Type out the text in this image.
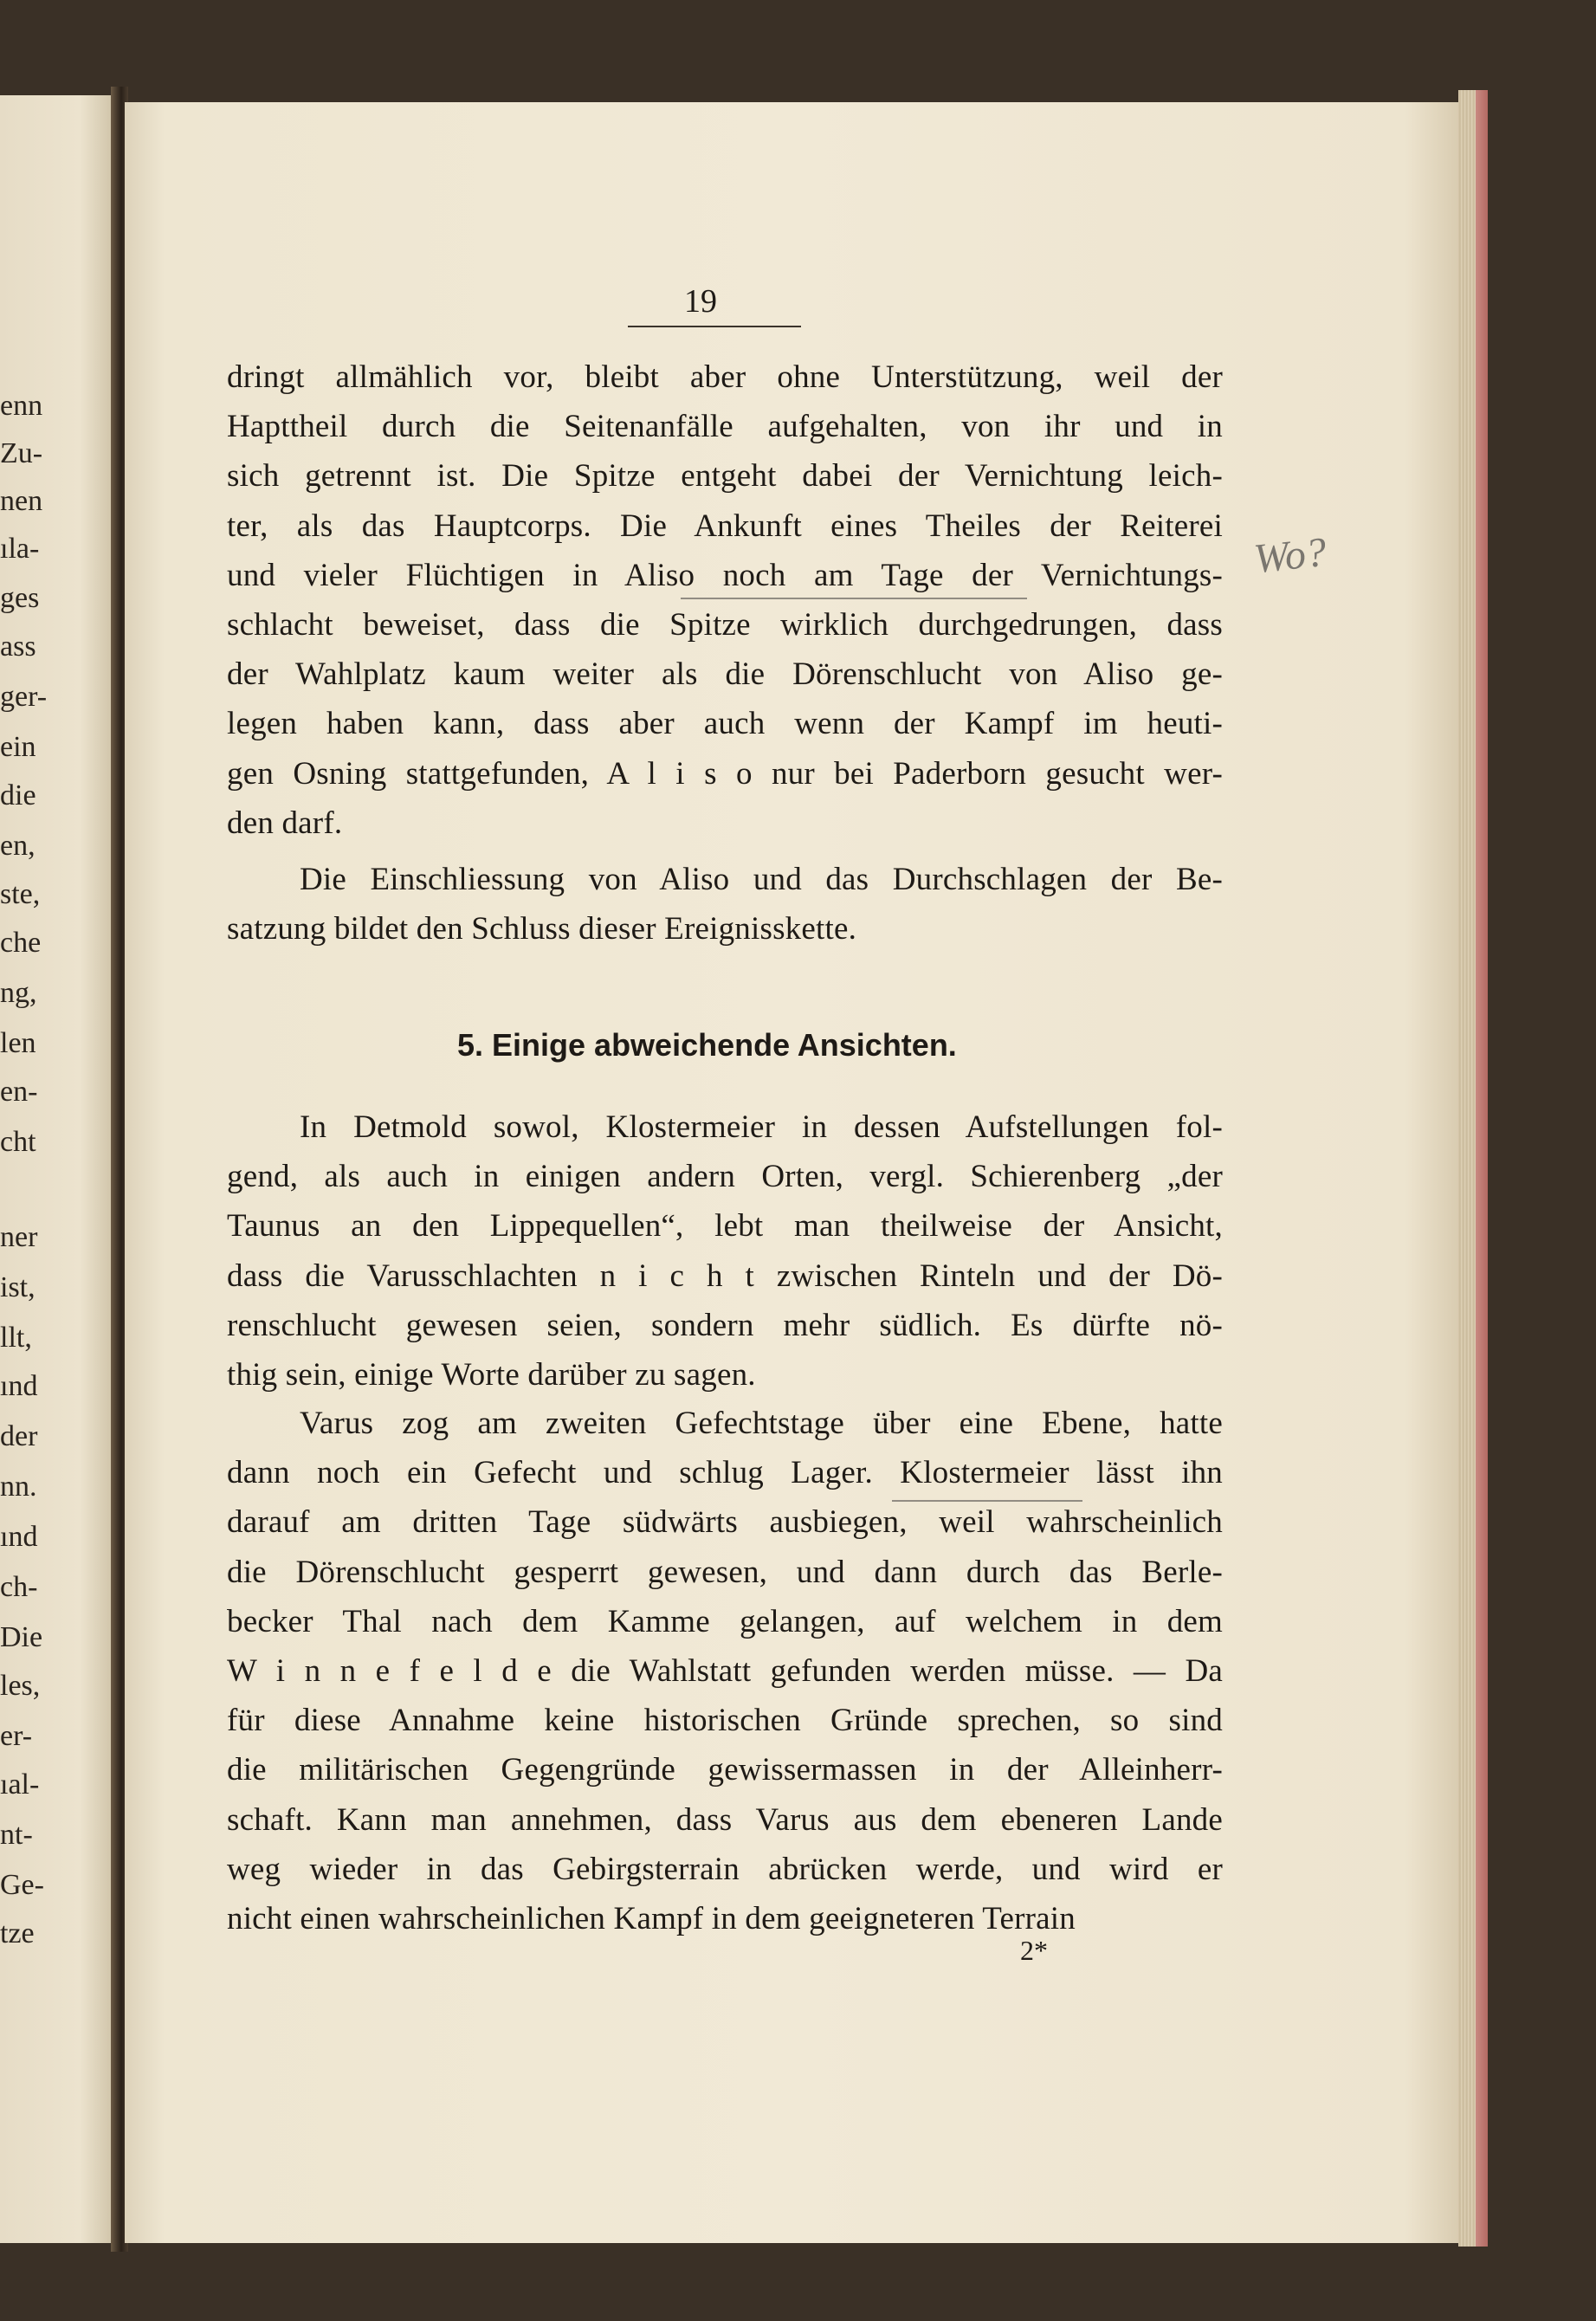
enn
Zu-
nen
ıla-
ges
ass
ger-
ein
die
en,
ste,
che
ng,
len
en-
cht
ner
ist,
llt,
ınd
der
nn.
ınd
ch-
Die
les,
er-
ıal-
nt-
Ge-
tze
19
dringt allmählich vor, bleibt aber ohne Unterstützung, weil der
Hapttheil durch die Seitenanfälle aufgehalten, von ihr und in
sich getrennt ist. Die Spitze entgeht dabei der Vernichtung leich-
ter, als das Hauptcorps. Die Ankunft eines Theiles der Reiterei
und vieler Flüchtigen in Aliso noch am Tage der Vernichtungs-
schlacht beweiset, dass die Spitze wirklich durchgedrungen, dass
der Wahlplatz kaum weiter als die Dörenschlucht von Aliso ge-
legen haben kann, dass aber auch wenn der Kampf im heuti-
gen Osning stattgefunden, A l i s o nur bei Paderborn gesucht wer-
den darf.
Die Einschliessung von Aliso und das Durchschlagen der Be-
satzung bildet den Schluss dieser Ereignisskette.
In Detmold sowol, Klostermeier in dessen Aufstellungen fol-
gend, als auch in einigen andern Orten, vergl. Schierenberg „der
Taunus an den Lippequellen“, lebt man theilweise der Ansicht,
dass die Varusschlachten n i c h t zwischen Rinteln und der Dö-
renschlucht gewesen seien, sondern mehr südlich. Es dürfte nö-
thig sein, einige Worte darüber zu sagen.
Varus zog am zweiten Gefechtstage über eine Ebene, hatte
dann noch ein Gefecht und schlug Lager. Klostermeier lässt ihn
darauf am dritten Tage südwärts ausbiegen, weil wahrscheinlich
die Dörenschlucht gesperrt gewesen, und dann durch das Berle-
becker Thal nach dem Kamme gelangen, auf welchem in dem
W i n n e f e l d e die Wahlstatt gefunden werden müsse. — Da
für diese Annahme keine historischen Gründe sprechen, so sind
die militärischen Gegengründe gewissermassen in der Alleinherr-
schaft. Kann man annehmen, dass Varus aus dem ebeneren Lande
weg wieder in das Gebirgsterrain abrücken werde, und wird er
nicht einen wahrscheinlichen Kampf in dem geeigneteren Terrain
5. Einige abweichende Ansichten.
2*
Wo?
